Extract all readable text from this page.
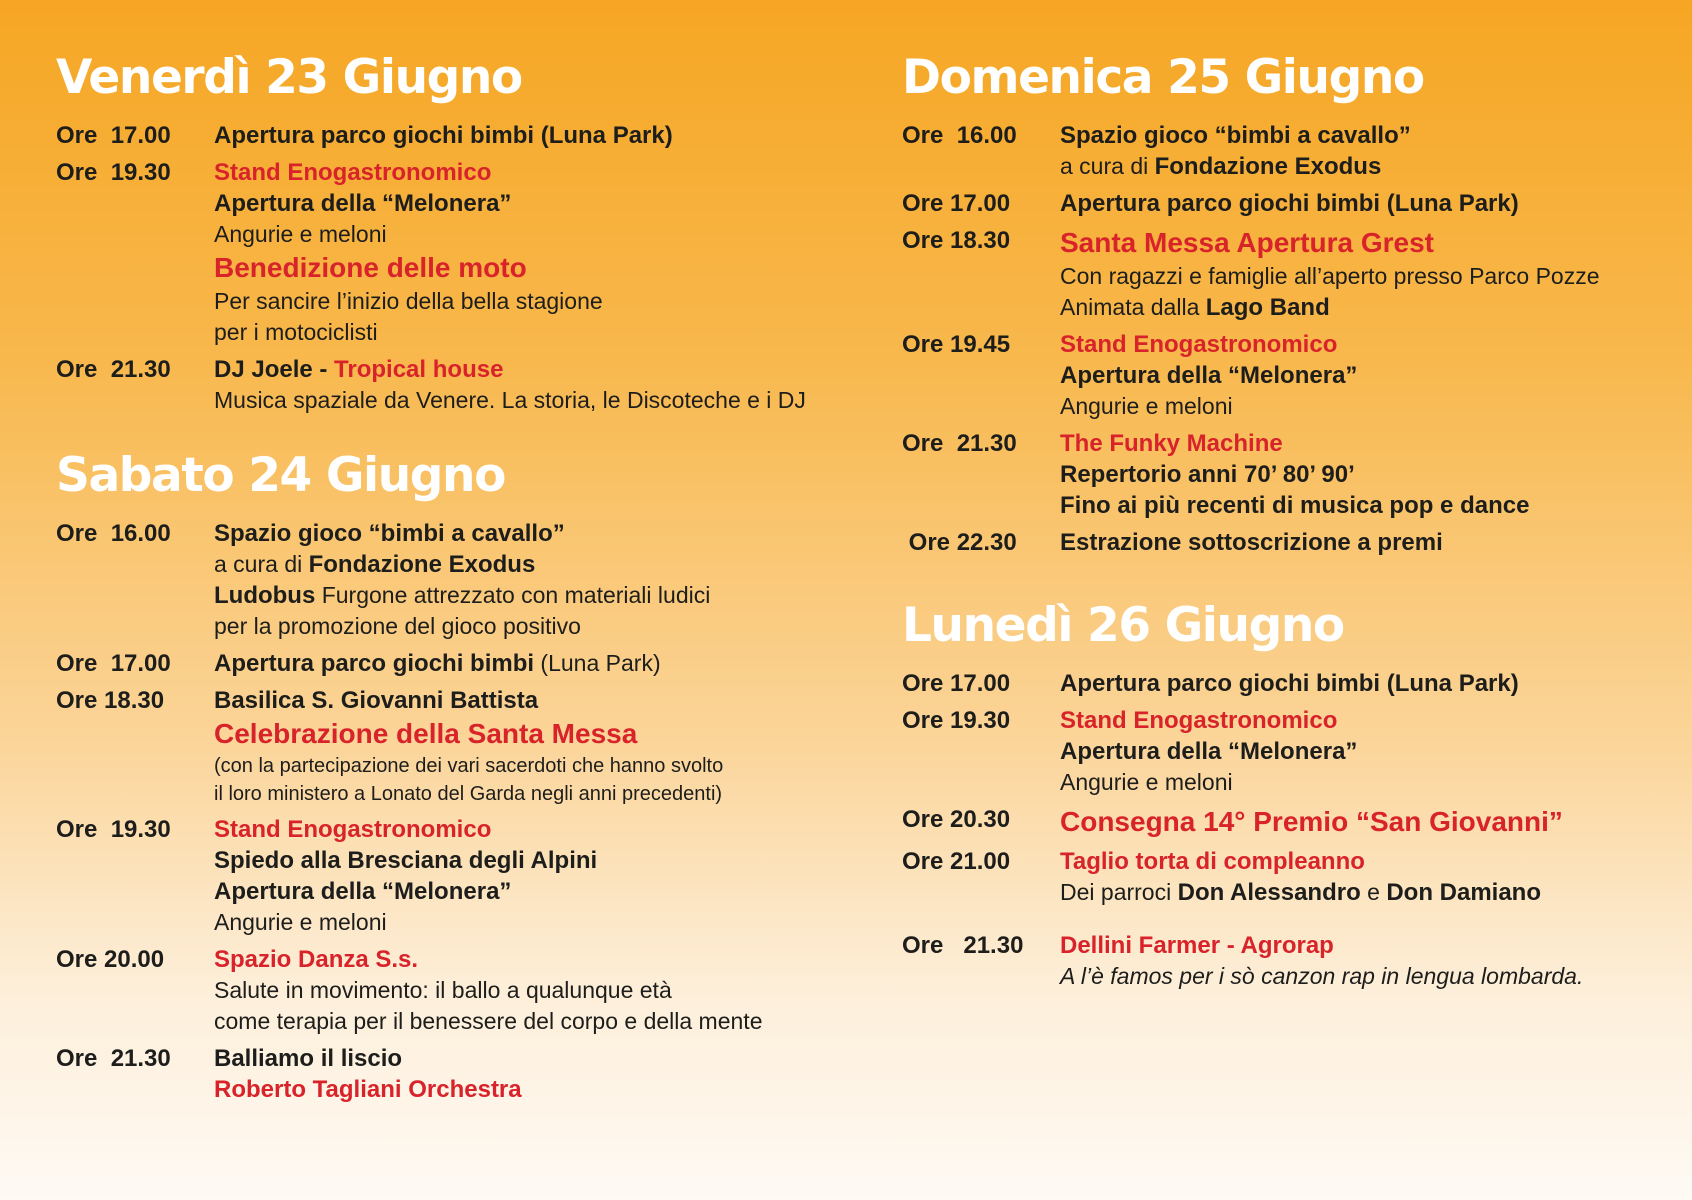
Venerdì 23 Giugno
Ore  17.00 Apertura parco giochi bimbi (Luna Park)
Ore  19.30 Stand Enogastronomico
Apertura della “Melonera”
Angurie e meloni
Benedizione delle moto
Per sancire l’inizio della bella stagione
per i motociclisti
Ore  21.30 DJ Joele - Tropical house
Musica spaziale da Venere. La storia, le Discoteche e i DJ
Sabato 24 Giugno
Ore  16.00 Spazio gioco “bimbi a cavallo”
a cura di Fondazione Exodus
Ludobus Furgone attrezzato con materiali ludici
per la promozione del gioco positivo
Ore  17.00 Apertura parco giochi bimbi (Luna Park)
Ore 18.30 Basilica S. Giovanni Battista
Celebrazione della Santa Messa
(con la partecipazione dei vari sacerdoti che hanno svolto
il loro ministero a Lonato del Garda negli anni precedenti)
Ore  19.30 Stand Enogastronomico
Spiedo alla Bresciana degli Alpini
Apertura della “Melonera”
Angurie e meloni
Ore 20.00 Spazio Danza S.s.
Salute in movimento: il ballo a qualunque età
come terapia per il benessere del corpo e della mente
Ore  21.30 Balliamo il liscio
Roberto Tagliani Orchestra
Domenica 25 Giugno
Ore  16.00 Spazio gioco “bimbi a cavallo”
a cura di Fondazione Exodus
Ore 17.00 Apertura parco giochi bimbi (Luna Park)
Ore 18.30 Santa Messa Apertura Grest
Con ragazzi e famiglie all’aperto presso Parco Pozze
Animata dalla Lago Band
Ore 19.45 Stand Enogastronomico
Apertura della “Melonera”
Angurie e meloni
Ore  21.30 The Funky Machine
Repertorio anni 70’ 80’ 90’
Fino ai più recenti di musica pop e dance
Ore 22.30 Estrazione sottoscrizione a premi
Lunedì 26 Giugno
Ore 17.00 Apertura parco giochi bimbi (Luna Park)
Ore 19.30 Stand Enogastronomico
Apertura della “Melonera”
Angurie e meloni
Ore 20.30 Consegna 14° Premio “San Giovanni”
Ore 21.00 Taglio torta di compleanno
Dei parroci Don Alessandro e Don Damiano
Ore   21.30 Dellini Farmer - Agrorap
A l’è famos per i sò canzon rap in lengua lombarda.
